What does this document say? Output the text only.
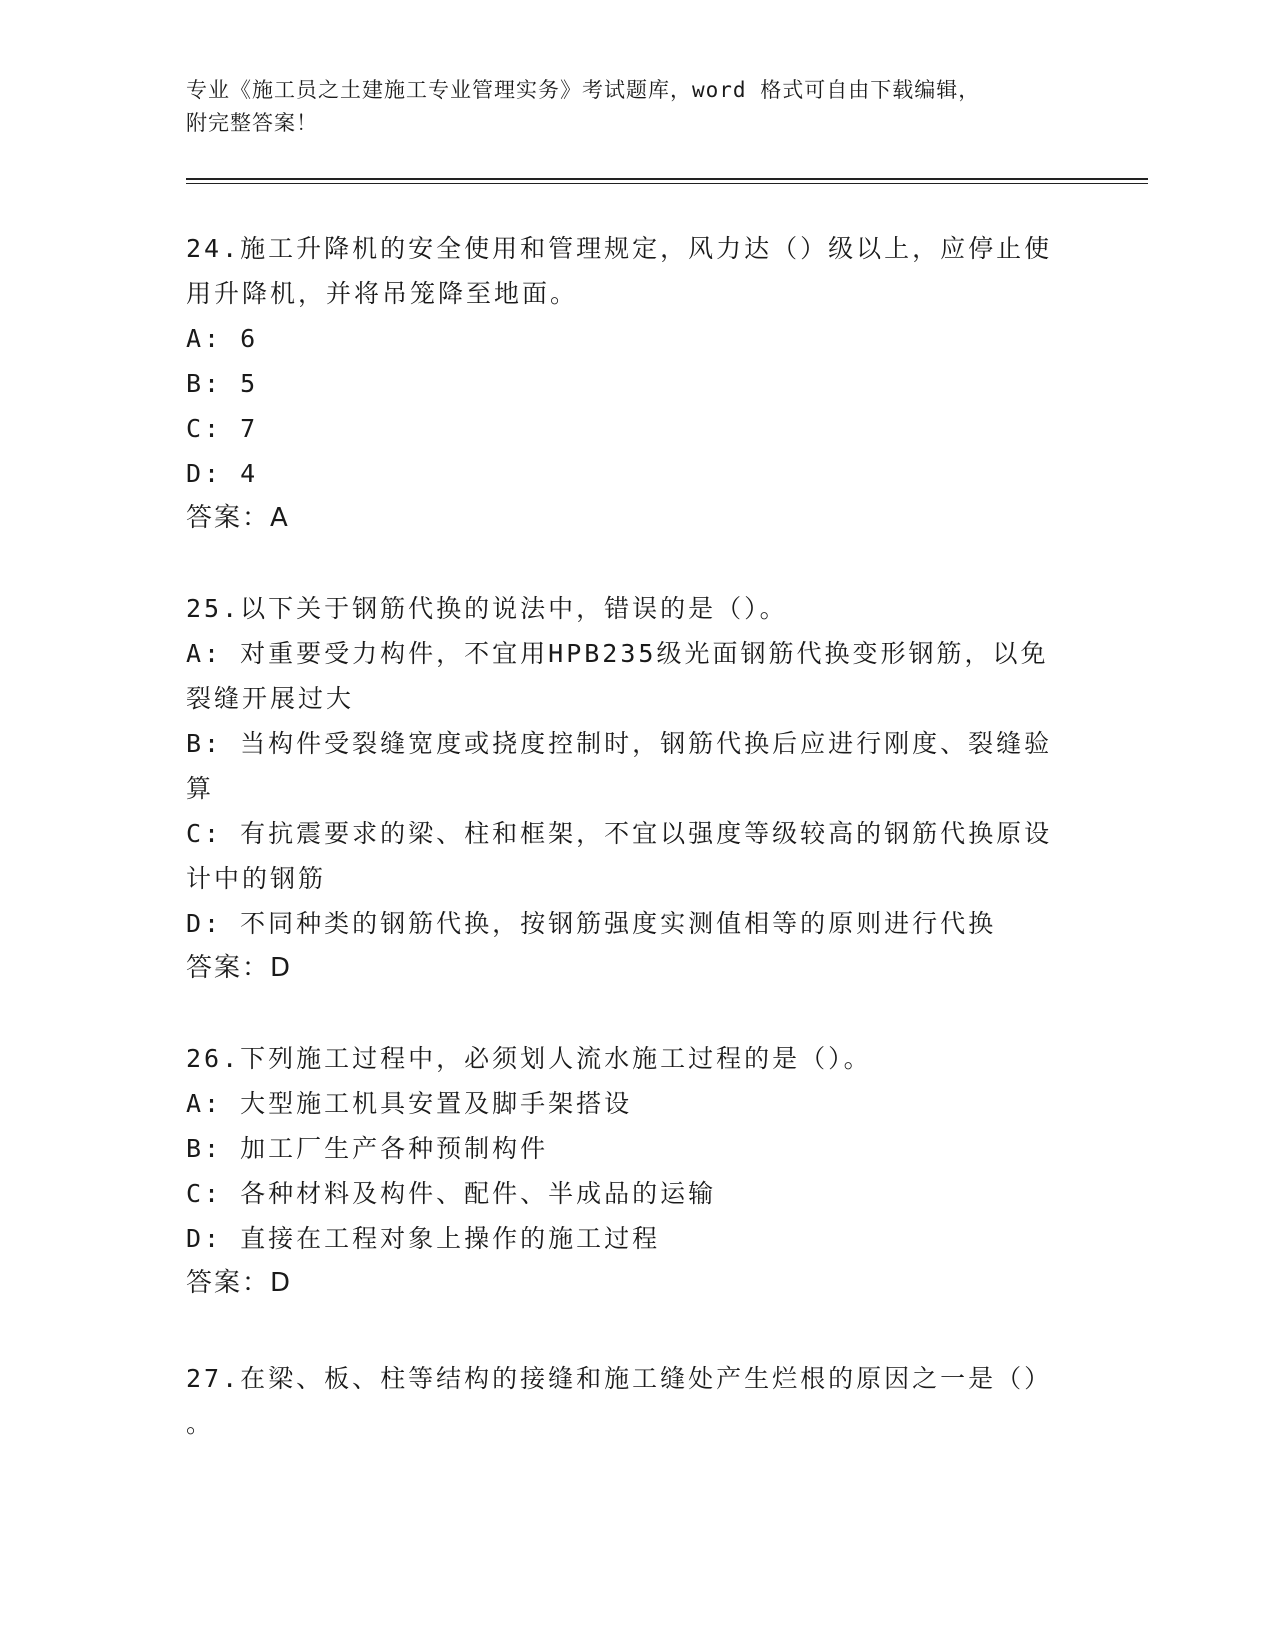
专业《施工员之土建施工专业管理实务》考试题库，word 格式可自由下载编辑，
附完整答案！
24.施工升降机的安全使用和管理规定，风力达（）级以上，应停止使
用升降机，并将吊笼降至地面。
A: 6
B: 5
C: 7
D: 4
答案：A
25.以下关于钢筋代换的说法中，错误的是（）。
A: 对重要受力构件，不宜用HPB235级光面钢筋代换变形钢筋，以免
裂缝开展过大
B: 当构件受裂缝宽度或挠度控制时，钢筋代换后应进行刚度、裂缝验
算
C: 有抗震要求的梁、柱和框架，不宜以强度等级较高的钢筋代换原设
计中的钢筋
D: 不同种类的钢筋代换，按钢筋强度实测值相等的原则进行代换
答案：D
26.下列施工过程中，必须划人流水施工过程的是（）。
A: 大型施工机具安置及脚手架搭设
B: 加工厂生产各种预制构件
C: 各种材料及构件、配件、半成品的运输
D: 直接在工程对象上操作的施工过程
答案：D
27.在梁、板、柱等结构的接缝和施工缝处产生烂根的原因之一是（）
。
